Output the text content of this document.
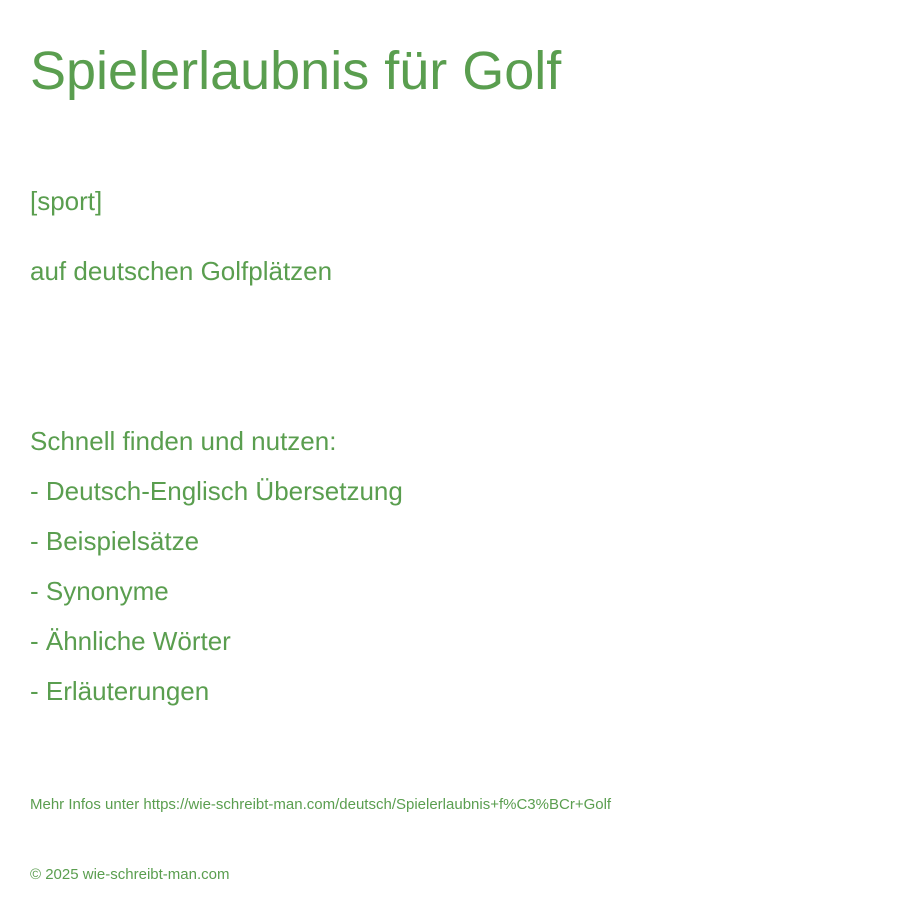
Spielerlaubnis für Golf

[sport]

auf deutschen Golfplätzen

Schnell finden und nutzen:

- Deutsch-Englisch Übersetzung

- Beispielsätze

- Synonyme

- Ähnliche Wörter

- Erläuterungen

Mehr Infos unter https://wie-schreibt-man.com/deutsch/Spielerlaubnis+f%C3%BCr+Golf

© 2025 wie-schreibt-man.com
